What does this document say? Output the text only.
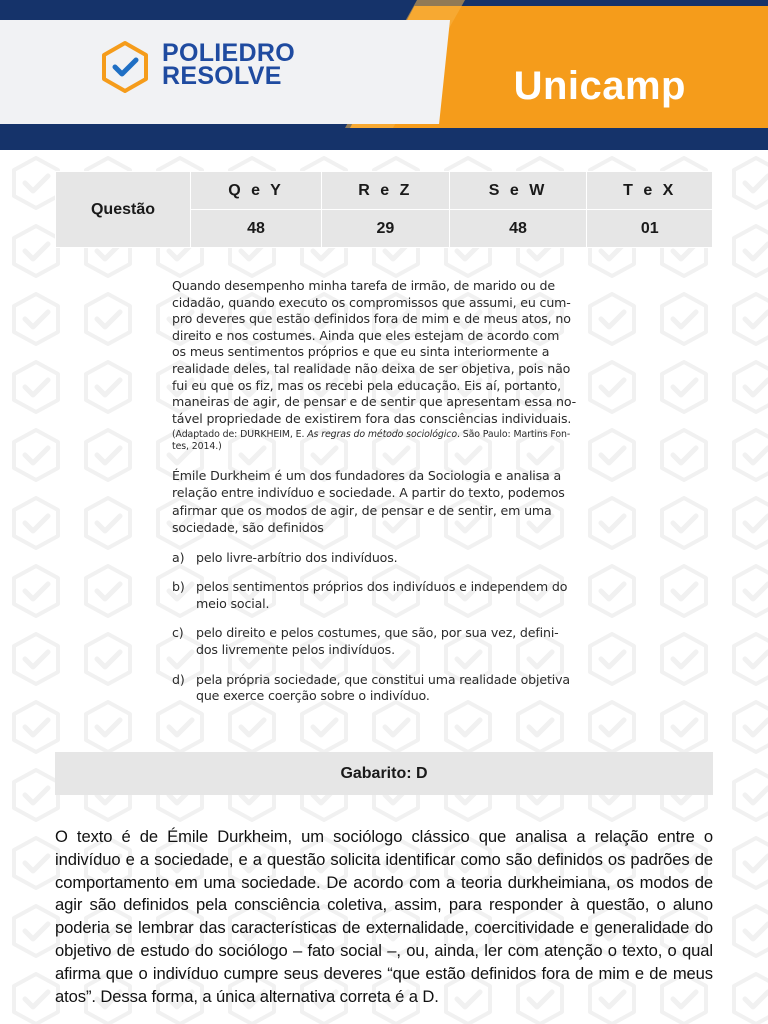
POLIEDRO
RESOLVE	Unicamp
Questão	Q e Y	R e Z	S e W	T e X
	48	29	48	01
Quando desempenho minha tarefa de irmão, de marido ou de
cidadão, quando executo os compromissos que assumi, eu cum-
pro deveres que estão definidos fora de mim e de meus atos, no
direito e nos costumes. Ainda que eles estejam de acordo com
os meus sentimentos próprios e que eu sinta interiormente a
realidade deles, tal realidade não deixa de ser objetiva, pois não
fui eu que os fiz, mas os recebi pela educação. Eis aí, portanto,
maneiras de agir, de pensar e de sentir que apresentam essa no-
tável propriedade de existirem fora das consciências individuais.
(Adaptado de: DURKHEIM, E. As regras do método sociológico. São Paulo: Martins Fon-
tes, 2014.)
Émile Durkheim é um dos fundadores da Sociologia e analisa a
relação entre indivíduo e sociedade. A partir do texto, podemos
afirmar que os modos de agir, de pensar e de sentir, em uma
sociedade, são definidos
a) pelo livre-arbítrio dos indivíduos.
b) pelos sentimentos próprios dos indivíduos e independem do
meio social.
c) pelo direito e pelos costumes, que são, por sua vez, defini-
dos livremente pelos indivíduos.
d) pela própria sociedade, que constitui uma realidade objetiva
que exerce coerção sobre o indivíduo.
Gabarito: D

O texto é de Émile Durkheim, um sociólogo clássico que analisa a relação entre o indivíduo e a sociedade, e a questão solicita identificar como são definidos os padrões de comportamento em uma sociedade. De acordo com a teoria durkheimiana, os modos de agir são definidos pela consciência coletiva, assim, para responder à questão, o aluno poderia se lembrar das características de externalidade, coercitividade e generalidade do objetivo de estudo do sociólogo – fato social –, ou, ainda, ler com atenção o texto, o qual afirma que o indivíduo cumpre seus deveres “que estão definidos fora de mim e de meus atos”. Dessa forma, a única alternativa correta é a D.
